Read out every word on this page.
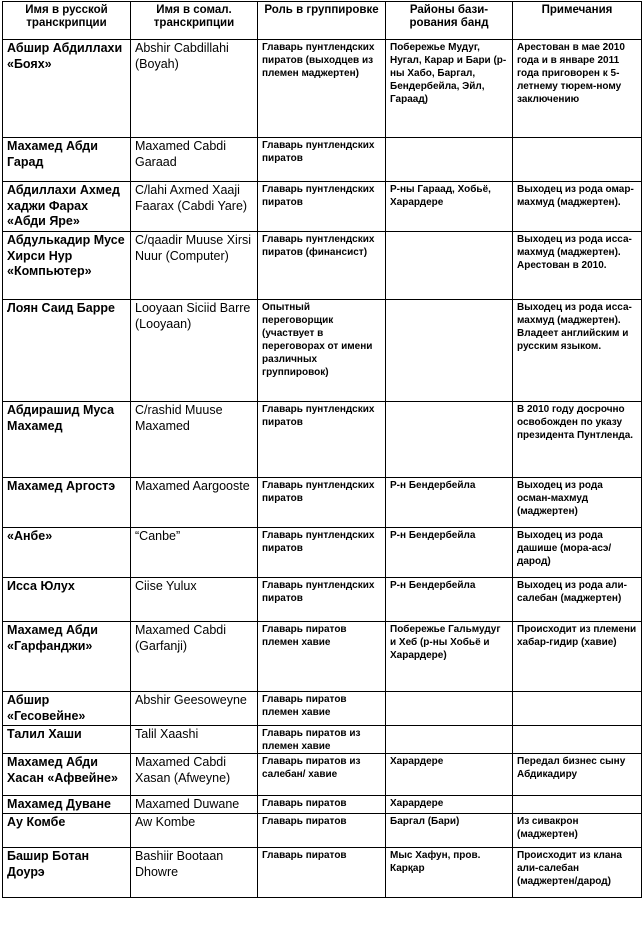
Имя в русской транскрипции	Имя в сомал. транскрипции	Роль в группировке	Районы бази-рования банд	Примечания
Абшир Абдиллахи «Боях»	Abshir Cabdillahi (Boyah)	Главарь пунтлендских пиратов (выходцев из племен маджертен)	Побережье Мудуг, Нугал, Карар и Бари (р-ны Хабо, Баргал, Бендербейла, Эйл, Гараад)	Арестован в мае 2010 года и в январе 2011 года приговорен к 5-летнему тюрем-ному заключению
Махамед Абди Гарад	Maxamed Cabdi Garaad	Главарь пунтлендских пиратов		
Абдиллахи Ахмед хаджи Фарах «Абди Яре»	C/lahi Axmed Xaaji Faarax (Cabdi Yare)	Главарь пунтлендских пиратов	Р-ны Гараад, Хобьё, Харардере	Выходец из рода омар-махмуд (маджертен).
Абдулькадир Мусе Хирси Нур «Компьютер»	C/qaadir Muuse Xirsi Nuur (Computer)	Главарь пунтлендских пиратов (финансист)		Выходец из рода исса-махмуд (маджертен). Арестован в 2010.
Лоян Саид Барре	Looyaan Siciid Barre (Looyaan)	Опытный переговорщик (участвует в переговорах от имени различных группировок)		Выходец из рода исса-махмуд (маджертен). Владеет английским и русским языком.
Абдирашид Муса Махамед	C/rashid Muuse Maxamed	Главарь пунтлендских пиратов		В 2010 году досрочно освобожден по указу президента Пунтленда.
Махамед Аргостэ	Maxamed Aargooste	Главарь пунтлендских пиратов	Р-н Бендербейла	Выходец из рода осман-махмуд (маджертен)
«Анбе»	“Canbe”	Главарь пунтлендских пиратов	Р-н Бендербейла	Выходец из рода дашише (мора-асэ/дарод)
Исса Юлух	Ciise Yulux	Главарь пунтлендских пиратов	Р-н Бендербейла	Выходец из рода али-салебан (маджертен)
Махамед Абди «Гарфанджи»	Maxamed Cabdi (Garfanji)	Главарь пиратов племен хавие	Побережье Гальмудуг и Хеб (р-ны Хобьё и Харардере)	Происходит из племени хабар-гидир (хавие)
Абшир «Гесовейне»	Abshir Geesoweyne	Главарь пиратов племен хавие		
Талил Хаши	Talil Xaashi	Главарь пиратов из племен хавие		
Махамед Абди Хасан «Афвейне»	Maxamed Cabdi Xasan (Afweyne)	Главарь пиратов из салебан/ хавие	Харардере	Передал бизнес сыну Абдикадиру
Махамед Дуване	Maxamed Duwane	Главарь пиратов	Харардере	
Ау Комбе	Aw Kombe	Главарь пиратов	Баргал (Бари)	Из сивакрон (маджертен)
Башир Ботан Доурэ	Bashiir Bootaan Dhowre	Главарь пиратов	Мыс Хафун, пров. Карқар	Происходит из клана али-салебан (маджертен/дарод)
